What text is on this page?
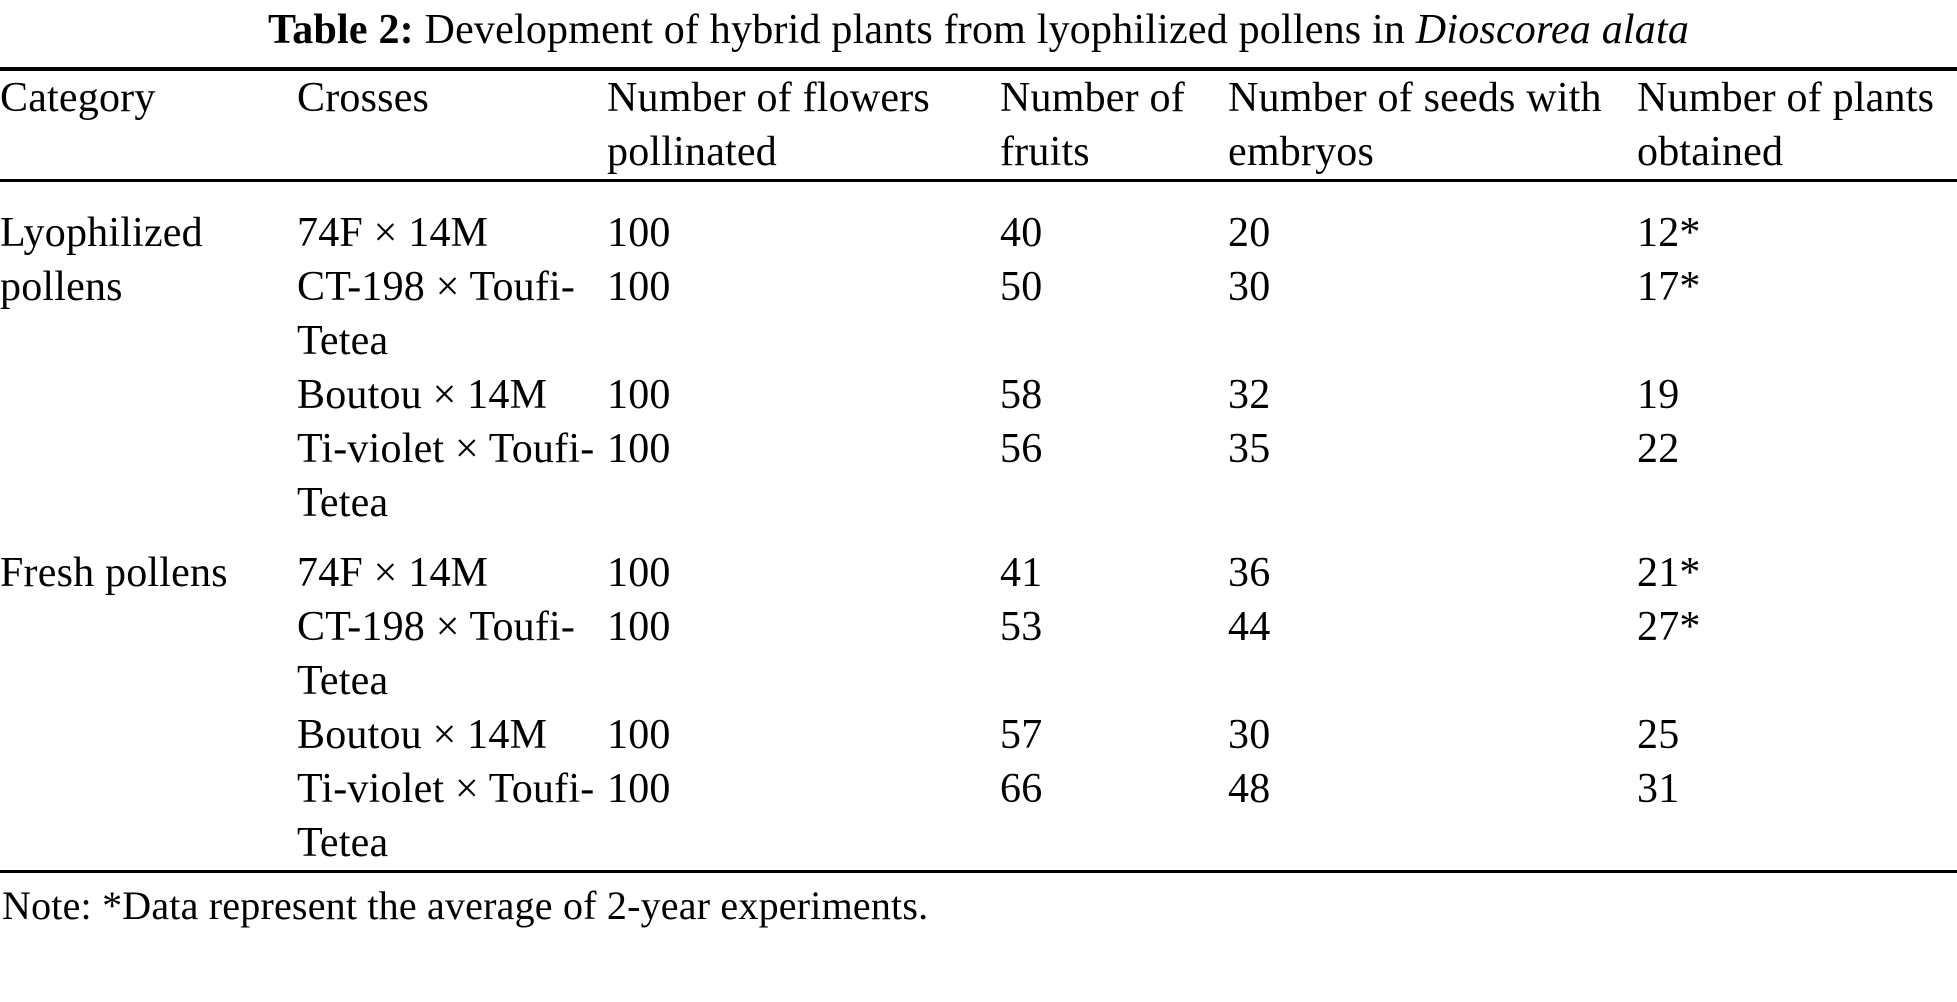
Table 2: Development of hybrid plants from lyophilized pollens in Dioscorea alata
Category	Crosses	Number of flowers pollinated	Number of fruits	Number of seeds with embryos	Number of plants obtained
Lyophilized pollens	74F × 14M	100	40	20	12*
	CT-198 × Toufi-Tetea	100	50	30	17*
	Boutou × 14M	100	58	32	19
	Ti-violet × Toufi-Tetea	100	56	35	22
Fresh pollens	74F × 14M	100	41	36	21*
	CT-198 × Toufi-Tetea	100	53	44	27*
	Boutou × 14M	100	57	30	25
	Ti-violet × Toufi-Tetea	100	66	48	31
Note: *Data represent the average of 2-year experiments.
